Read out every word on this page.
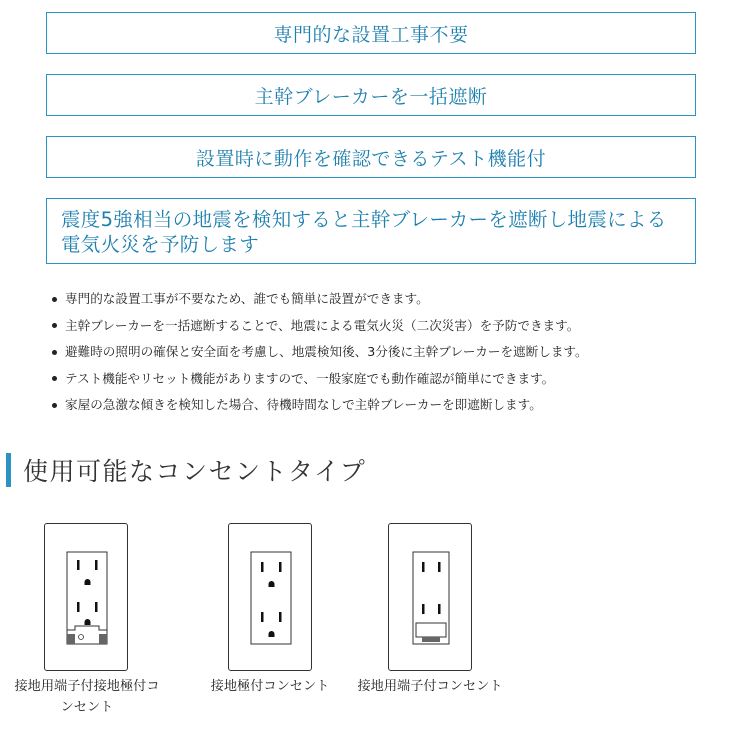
専門的な設置工事不要
主幹ブレーカーを一括遮断
設置時に動作を確認できるテスト機能付
震度5強相当の地震を検知すると主幹ブレーカーを遮断し地震による
電気火災を予防します
専門的な設置工事が不要なため、誰でも簡単に設置ができます。
主幹ブレーカーを一括遮断することで、地震による電気火災（二次災害）を予防できます。
避難時の照明の確保と安全面を考慮し、地震検知後、3分後に主幹ブレーカーを遮断します。
テスト機能やリセット機能がありますので、一般家庭でも動作確認が簡単にできます。
家屋の急激な傾きを検知した場合、待機時間なしで主幹ブレーカーを即遮断します。
使用可能なコンセントタイプ
接地用端子付接地極付コ
ンセント
接地極付コンセント	接地用端子付コンセント
